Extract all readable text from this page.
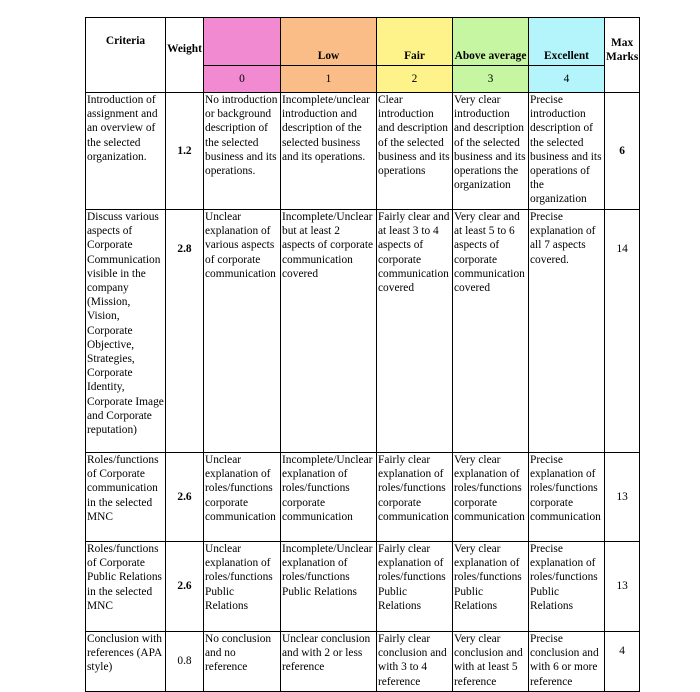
Criteria	Weight		Low	Fair	Above average	Excellent	Max Marks
		0	1	2	3	4	
Introduction of assignment and an overview of the selected organization.	1.2	No introduction or background description of the selected business and its operations.	Incomplete/unclear introduction and description of the selected business and its operations.	Clear introduction and description of the selected business and its operations	Very clear introduction and description of the selected business and its operations the organization	Precise introduction description of the selected business and its operations of the organization	6
Discuss various aspects of Corporate Communication visible in the company (Mission, Vision, Corporate Objective, Strategies, Corporate Identity, Corporate Image and Corporate reputation)	2.8	Unclear explanation of various aspects of corporate communication	Incomplete/Unclear but at least 2 aspects of corporate communication covered	Fairly clear and at least 3 to 4 aspects of corporate communication covered	Very clear and at least 5 to 6 aspects of corporate communication covered	Precise explanation of all 7 aspects covered.	14
Roles/functions of Corporate communication in the selected MNC	2.6	Unclear explanation of roles/functions corporate communication	Incomplete/Unclear explanation of roles/functions corporate communication	Fairly clear explanation of roles/functions corporate communication	Very clear explanation of roles/functions corporate communication	Precise explanation of roles/functions corporate communication	13
Roles/functions of Corporate Public Relations in the selected MNC	2.6	Unclear explanation of roles/functions Public Relations	Incomplete/Unclear explanation of roles/functions Public Relations	Fairly clear explanation of roles/functions Public Relations	Very clear explanation of roles/functions Public Relations	Precise explanation of roles/functions Public Relations	13
Conclusion with references (APA style)	0.8	No conclusion and no reference	Unclear conclusion and with 2 or less reference	Fairly clear conclusion and with 3 to 4 reference	Very clear conclusion and with at least 5 reference	Precise conclusion and with 6 or more reference	4
